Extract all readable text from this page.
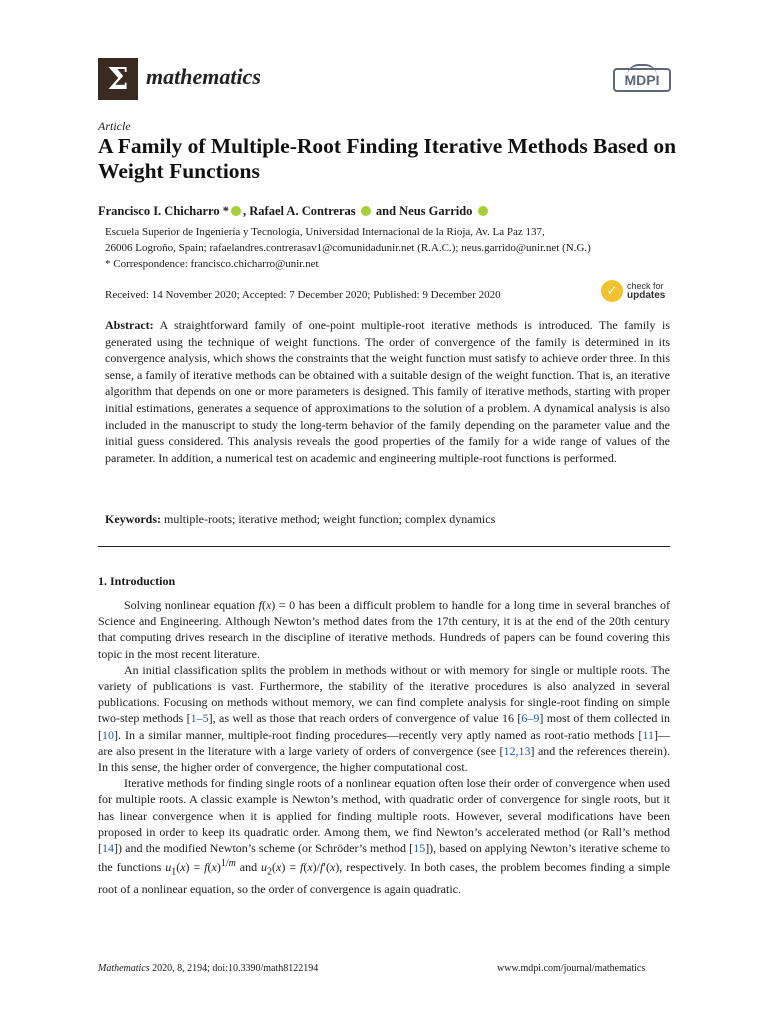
Σ mathematics	MDPI
Article
A Family of Multiple-Root Finding Iterative Methods Based on Weight Functions
Francisco I. Chicharro * , Rafael A. Contreras  and Neus Garrido
Escuela Superior de Ingeniería y Tecnología, Universidad Internacional de la Rioja, Av. La Paz 137,
26006 Logroño, Spain; rafaelandres.contrerasav1@comunidadunir.net (R.A.C.); neus.garrido@unir.net (N.G.)
* Correspondence: francisco.chicharro@unir.net
Received: 14 November 2020; Accepted: 7 December 2020; Published: 9 December 2020	✓	check for
updates
Abstract: A straightforward family of one-point multiple-root iterative methods is introduced. The family is generated using the technique of weight functions. The order of convergence of the family is determined in its convergence analysis, which shows the constraints that the weight function must satisfy to achieve order three. In this sense, a family of iterative methods can be obtained with a suitable design of the weight function. That is, an iterative algorithm that depends on one or more parameters is designed. This family of iterative methods, starting with proper initial estimations, generates a sequence of approximations to the solution of a problem. A dynamical analysis is also included in the manuscript to study the long-term behavior of the family depending on the parameter value and the initial guess considered. This analysis reveals the good properties of the family for a wide range of values of the parameter. In addition, a numerical test on academic and engineering multiple-root functions is performed.
Keywords: multiple-roots; iterative method; weight function; complex dynamics
1. Introduction

Solving nonlinear equation f(x) = 0 has been a difficult problem to handle for a long time in several branches of Science and Engineering. Although Newton’s method dates from the 17th century, it is at the end of the 20th century that computing drives research in the discipline of iterative methods. Hundreds of papers can be found covering this topic in the most recent literature.

An initial classification splits the problem in methods without or with memory for single or multiple roots. The variety of publications is vast. Furthermore, the stability of the iterative procedures is also analyzed in several publications. Focusing on methods without memory, we can find complete analysis for single-root finding on simple two-step methods [1–5], as well as those that reach orders of convergence of value 16 [6–9] most of them collected in [10]. In a similar manner, multiple-root finding procedures—recently very aptly named as root-ratio methods [11]—are also present in the literature with a large variety of orders of convergence (see [12,13] and the references therein). In this sense, the higher order of convergence, the higher computational cost.

Iterative methods for finding single roots of a nonlinear equation often lose their order of convergence when used for multiple roots. A classic example is Newton’s method, with quadratic order of convergence for single roots, but it has linear convergence when it is applied for finding multiple roots. However, several modifications have been proposed in order to keep its quadratic order. Among them, we find Newton’s accelerated method (or Rall’s method [14]) and the modified Newton’s scheme (or Schröder’s method [15]), based on applying Newton’s iterative scheme to the functions $u_1(x) = f(x)^{1/m}$ and $u_2(x) = f(x)/f'(x)$, respectively. In both cases, the problem becomes finding a simple root of a nonlinear equation, so the order of convergence is again quadratic.

Mathematics 2020, 8, 2194; doi:10.3390/math8122194	www.mdpi.com/journal/mathematics
